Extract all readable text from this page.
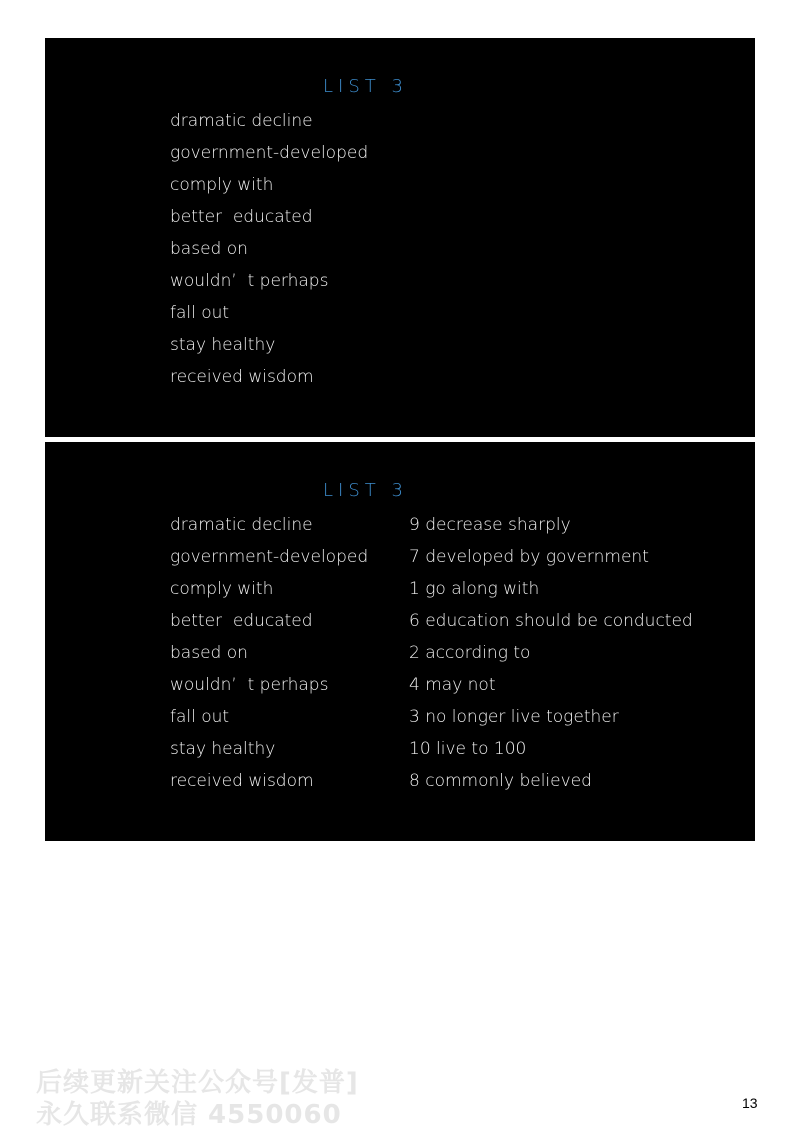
LIST 3
dramatic decline
government-developed
comply with
better  educated
based on
wouldn’  t perhaps
fall out
stay healthy
received wisdom
LIST 3
dramatic decline
government-developed
comply with
better  educated
based on
wouldn’  t perhaps
fall out
stay healthy
received wisdom
9 decrease sharply
7 developed by government
1 go along with
6 education should be conducted
2 according to
4 may not
3 no longer live together
10 live to 100
8 commonly believed
后续更新关注公众号[发普]
永久联系微信 4550060	13
